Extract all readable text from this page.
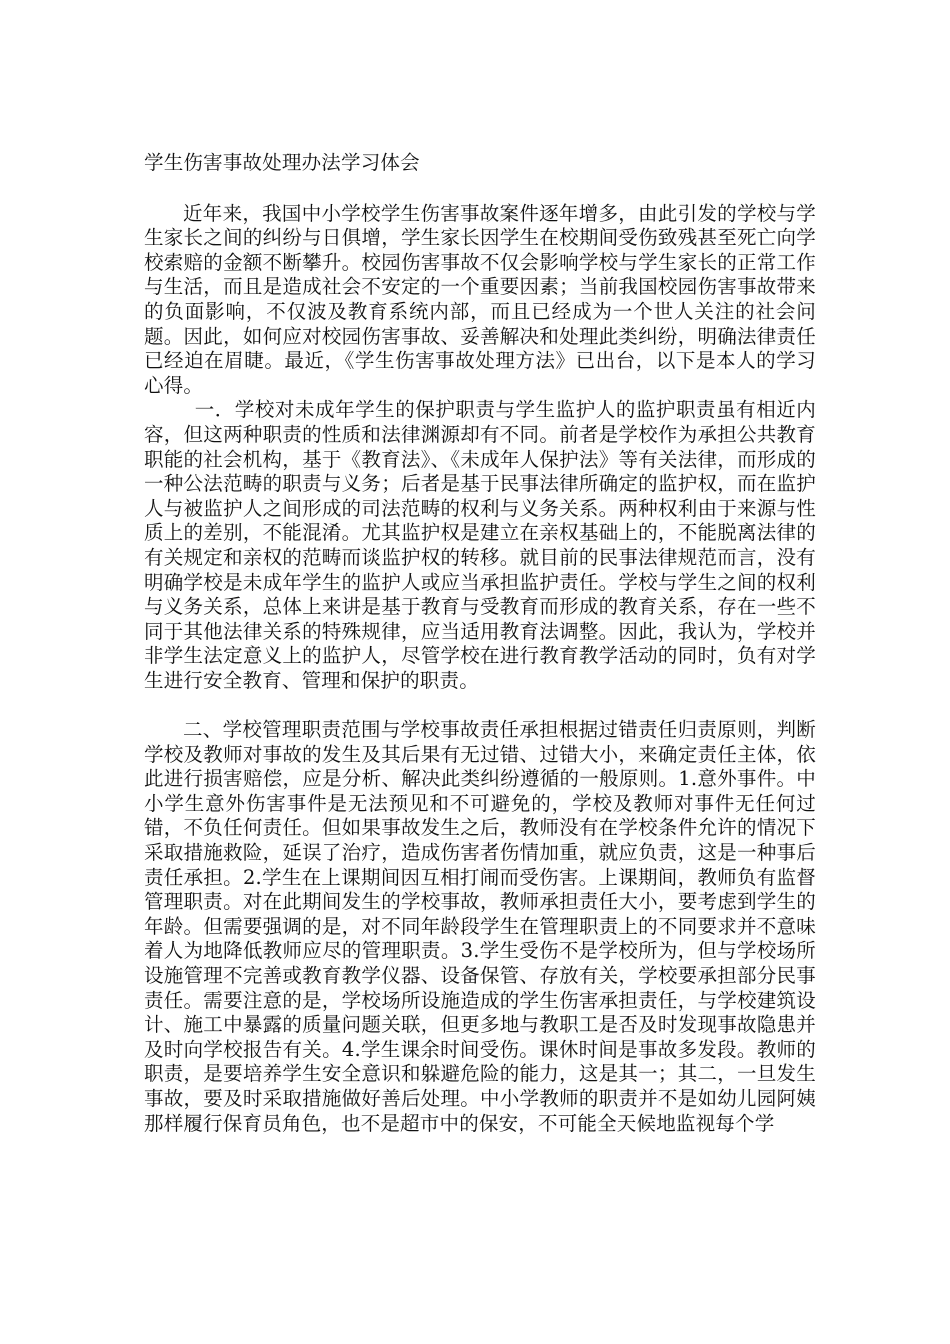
学生伤害事故处理办法学习体会

近年来，我国中小学校学生伤害事故案件逐年增多，由此引发的学校与学生家长之间的纠纷与日俱增，学生家长因学生在校期间受伤致残甚至死亡向学校索赔的金额不断攀升。校园伤害事故不仅会影响学校与学生家长的正常工作与生活，而且是造成社会不安定的一个重要因素；当前我国校园伤害事故带来的负面影响，不仅波及教育系统内部，而且已经成为一个世人关注的社会问题。因此，如何应对校园伤害事故、妥善解决和处理此类纠纷，明确法律责任已经迫在眉睫。最近，《学生伤害事故处理方法》已出台，以下是本人的学习心得。

一．学校对未成年学生的保护职责与学生监护人的监护职责虽有相近内容，但这两种职责的性质和法律渊源却有不同。前者是学校作为承担公共教育职能的社会机构，基于《教育法》、《未成年人保护法》等有关法律，而形成的一种公法范畴的职责与义务；后者是基于民事法律所确定的监护权，而在监护人与被监护人之间形成的司法范畴的权利与义务关系。两种权利由于来源与性质上的差别，不能混淆。尤其监护权是建立在亲权基础上的，不能脱离法律的有关规定和亲权的范畴而谈监护权的转移。就目前的民事法律规范而言，没有明确学校是未成年学生的监护人或应当承担监护责任。学校与学生之间的权利与义务关系，总体上来讲是基于教育与受教育而形成的教育关系，存在一些不同于其他法律关系的特殊规律，应当适用教育法调整。因此，我认为，学校并非学生法定意义上的监护人，尽管学校在进行教育教学活动的同时，负有对学生进行安全教育、管理和保护的职责。

二、学校管理职责范围与学校事故责任承担根据过错责任归责原则，判断学校及教师对事故的发生及其后果有无过错、过错大小，来确定责任主体，依此进行损害赔偿，应是分析、解决此类纠纷遵循的一般原则。1.意外事件。中小学生意外伤害事件是无法预见和不可避免的，学校及教师对事件无任何过错，不负任何责任。但如果事故发生之后，教师没有在学校条件允许的情况下采取措施救险，延误了治疗，造成伤害者伤情加重，就应负责，这是一种事后责任承担。2.学生在上课期间因互相打闹而受伤害。上课期间，教师负有监督管理职责。对在此期间发生的学校事故，教师承担责任大小，要考虑到学生的年龄。但需要强调的是，对不同年龄段学生在管理职责上的不同要求并不意味着人为地降低教师应尽的管理职责。3.学生受伤不是学校所为，但与学校场所设施管理不完善或教育教学仪器、设备保管、存放有关，学校要承担部分民事责任。需要注意的是，学校场所设施造成的学生伤害承担责任，与学校建筑设计、施工中暴露的质量问题关联，但更多地与教职工是否及时发现事故隐患并及时向学校报告有关。4.学生课余时间受伤。课休时间是事故多发段。教师的职责，是要培养学生安全意识和躲避危险的能力，这是其一；其二，一旦发生事故，要及时采取措施做好善后处理。中小学教师的职责并不是如幼儿园阿姨那样履行保育员角色，也不是超市中的保安，不可能全天候地监视每个学
